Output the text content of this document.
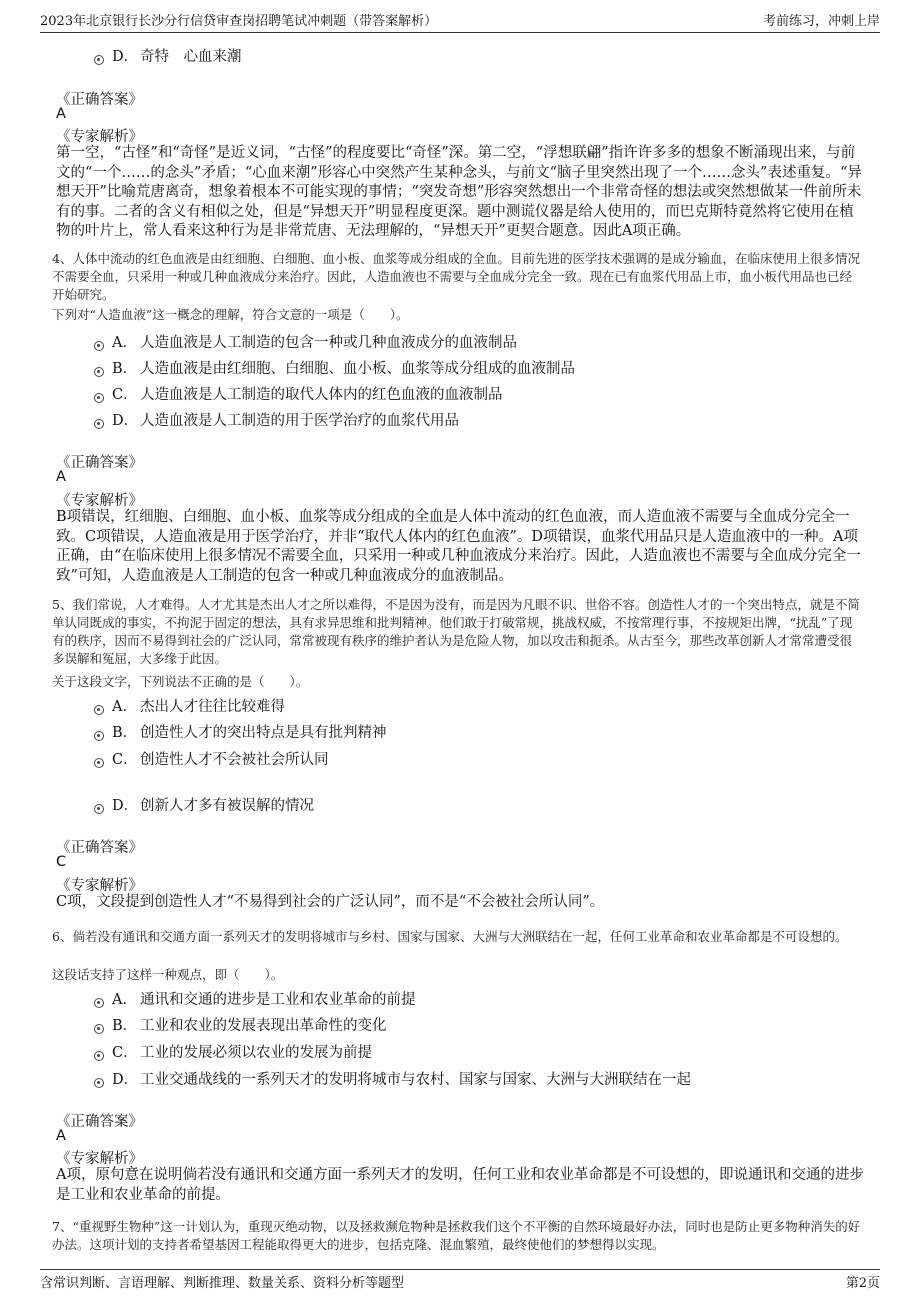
2023年北京银行长沙分行信贷审查岗招聘笔试冲刺题（带答案解析）	考前练习，冲刺上岸
D． 奇特　心血来潮
《正确答案》
A
《专家解析》
第一空，“古怪”和“奇怪”是近义词，“古怪”的程度要比“奇怪”深。第二空，“浮想联翩”指许许多多的想象不断涌现出来，与前文的“一个……的念头”矛盾；“心血来潮”形容心中突然产生某种念头，与前文“脑子里突然出现了一个……念头”表述重复。“异想天开”比喻荒唐离奇，想象着根本不可能实现的事情；“突发奇想”形容突然想出一个非常奇怪的想法或突然想做某一件前所未有的事。二者的含义有相似之处，但是“异想天开”明显程度更深。题中测谎仪器是给人使用的，而巴克斯特竟然将它使用在植物的叶片上，常人看来这种行为是非常荒唐、无法理解的，“异想天开”更契合题意。因此A项正确。
4、人体中流动的红色血液是由红细胞、白细胞、血小板、血浆等成分组成的全血。目前先进的医学技术强调的是成分输血，在临床使用上很多情况不需要全血，只采用一种或几种血液成分来治疗。因此，人造血液也不需要与全血成分完全一致。现在已有血浆代用品上市，血小板代用品也已经开始研究。
下列对“人造血液”这一概念的理解，符合文意的一项是（　　）。
A． 人造血液是人工制造的包含一种或几种血液成分的血液制品
B． 人造血液是由红细胞、白细胞、血小板、血浆等成分组成的血液制品
C． 人造血液是人工制造的取代人体内的红色血液的血液制品
D． 人造血液是人工制造的用于医学治疗的血浆代用品
《正确答案》
A
《专家解析》
B项错误，红细胞、白细胞、血小板、血浆等成分组成的全血是人体中流动的红色血液，而人造血液不需要与全血成分完全一致。C项错误，人造血液是用于医学治疗，并非“取代人体内的红色血液”。D项错误，血浆代用品只是人造血液中的一种。A项正确，由“在临床使用上很多情况不需要全血，只采用一种或几种血液成分来治疗。因此，人造血液也不需要与全血成分完全一致”可知，人造血液是人工制造的包含一种或几种血液成分的血液制品。
5、我们常说，人才难得。人才尤其是杰出人才之所以难得，不是因为没有，而是因为凡眼不识、世俗不容。创造性人才的一个突出特点，就是不简单认同既成的事实，不拘泥于固定的想法，具有求异思维和批判精神。他们敢于打破常规，挑战权威，不按常理行事，不按规矩出牌，“扰乱”了现有的秩序，因而不易得到社会的广泛认同，常常被现有秩序的维护者认为是危险人物，加以攻击和扼杀。从古至今，那些改革创新人才常常遭受很多误解和冤屈，大多缘于此因。
关于这段文字，下列说法不正确的是（　　）。
A． 杰出人才往往比较难得
B． 创造性人才的突出特点是具有批判精神
C． 创造性人才不会被社会所认同
D． 创新人才多有被误解的情况
《正确答案》
C
《专家解析》
C项，文段提到创造性人才“不易得到社会的广泛认同”，而不是“不会被社会所认同”。
6、倘若没有通讯和交通方面一系列天才的发明将城市与乡村、国家与国家、大洲与大洲联结在一起，任何工业革命和农业革命都是不可设想的。
这段话支持了这样一种观点，即（　　）。
A． 通讯和交通的进步是工业和农业革命的前提
B． 工业和农业的发展表现出革命性的变化
C． 工业的发展必须以农业的发展为前提
D． 工业交通战线的一系列天才的发明将城市与农村、国家与国家、大洲与大洲联结在一起
《正确答案》
A
《专家解析》
A项，原句意在说明倘若没有通讯和交通方面一系列天才的发明，任何工业和农业革命都是不可设想的，即说通讯和交通的进步是工业和农业革命的前提。
7、“重视野生物种”这一计划认为，重现灭绝动物，以及拯救濒危物种是拯救我们这个不平衡的自然环境最好办法，同时也是防止更多物种消失的好办法。这项计划的支持者希望基因工程能取得更大的进步，包括克隆、混血繁殖，最终使他们的梦想得以实现。
含常识判断、言语理解、判断推理、数量关系、资料分析等题型	第2页
